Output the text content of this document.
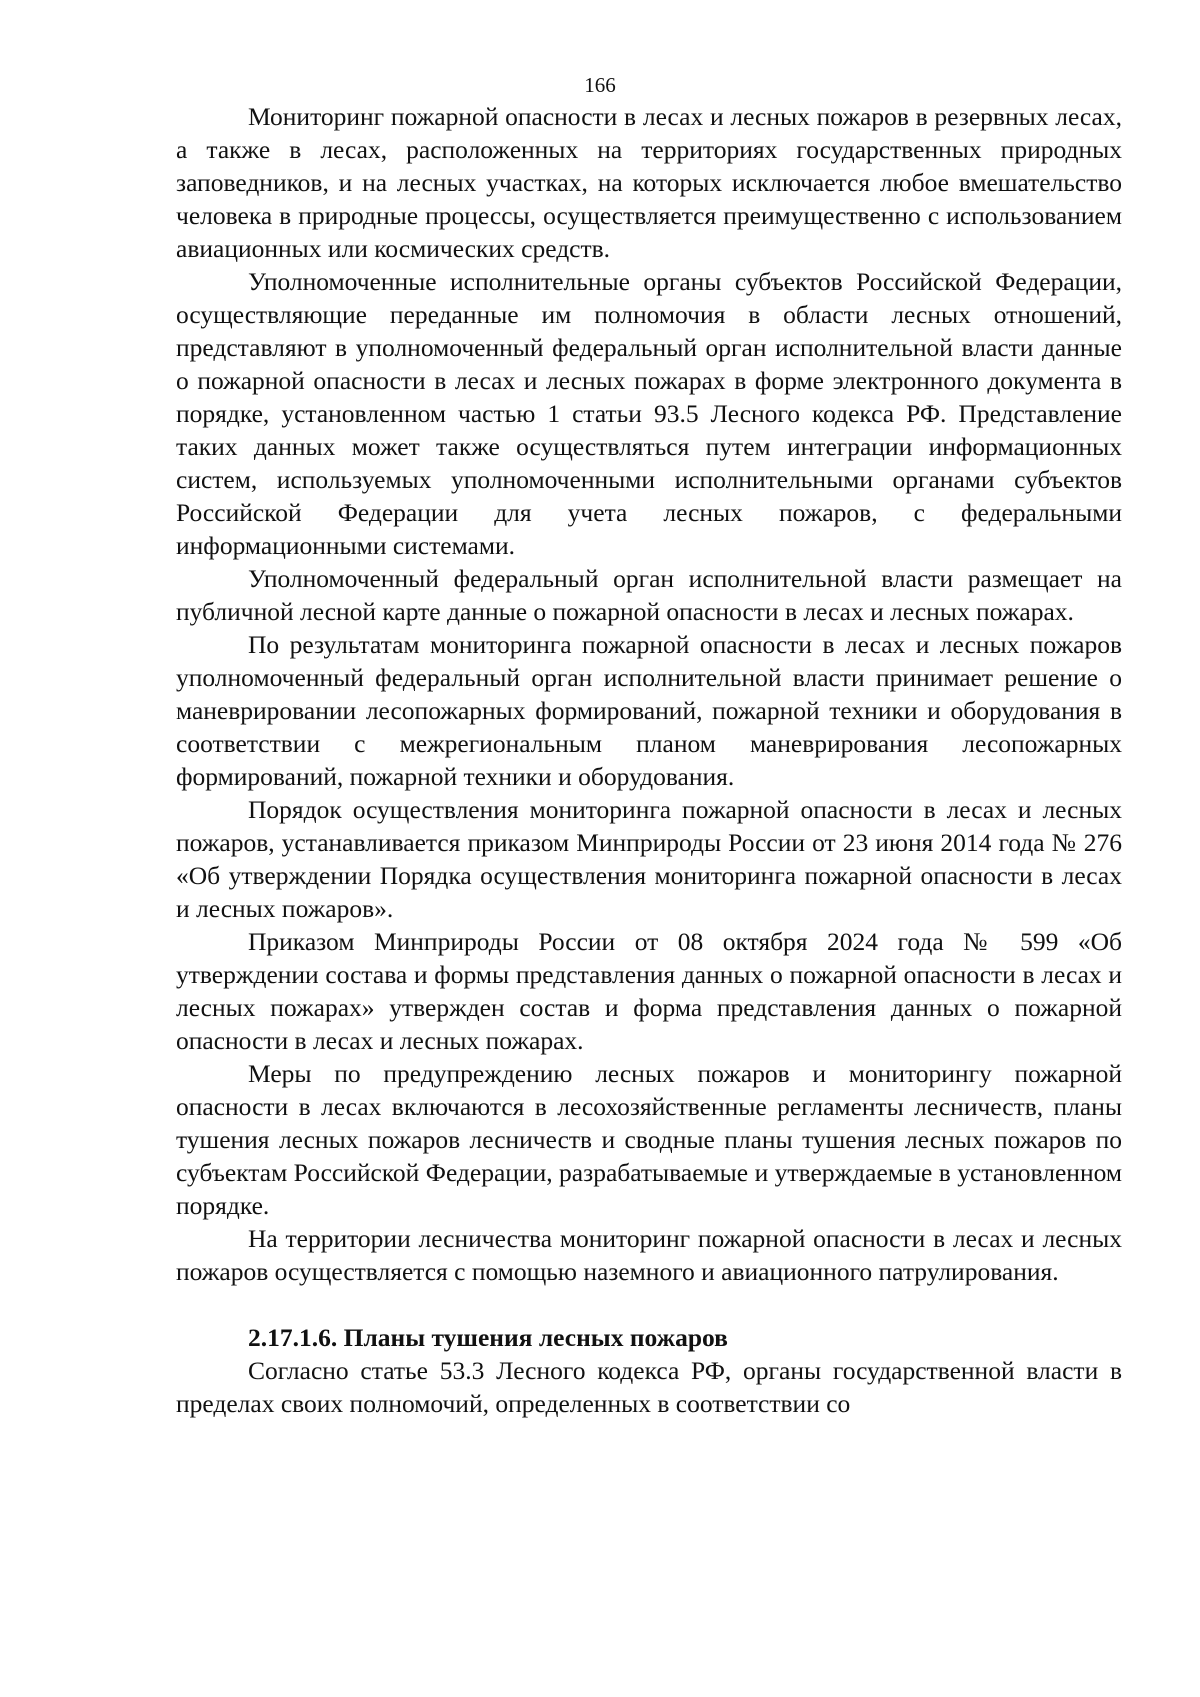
166

Мониторинг пожарной опасности в лесах и лесных пожаров в резервных лесах, а также в лесах, расположенных на территориях государственных природных заповедников, и на лесных участках, на которых исключается любое вмешательство человека в природные процессы, осуществляется преимущественно с использованием авиационных или космических средств.

Уполномоченные исполнительные органы субъектов Российской Федерации, осуществляющие переданные им полномочия в области лесных отношений, представляют в уполномоченный федеральный орган исполнительной власти данные о пожарной опасности в лесах и лесных пожарах в форме электронного документа в порядке, установленном частью 1 статьи 93.5 Лесного кодекса РФ. Представление таких данных может также осуществляться путем интеграции информационных систем, используемых уполномоченными исполнительными органами субъектов Российской Федерации для учета лесных пожаров, с федеральными информационными системами.

Уполномоченный федеральный орган исполнительной власти размещает на публичной лесной карте данные о пожарной опасности в лесах и лесных пожарах.

По результатам мониторинга пожарной опасности в лесах и лесных пожаров уполномоченный федеральный орган исполнительной власти принимает решение о маневрировании лесопожарных формирований, пожарной техники и оборудования в соответствии с межрегиональным планом маневрирования лесопожарных формирований, пожарной техники и оборудования.

Порядок осуществления мониторинга пожарной опасности в лесах и лесных пожаров, устанавливается приказом Минприроды России от 23 июня 2014 года № 276 «Об утверждении Порядка осуществления мониторинга пожарной опасности в лесах и лесных пожаров».

Приказом Минприроды России от 08 октября 2024 года № 599 «Об утверждении состава и формы представления данных о пожарной опасности в лесах и лесных пожарах» утвержден состав и форма представления данных о пожарной опасности в лесах и лесных пожарах.

Меры по предупреждению лесных пожаров и мониторингу пожарной опасности в лесах включаются в лесохозяйственные регламенты лесничеств, планы тушения лесных пожаров лесничеств и сводные планы тушения лесных пожаров по субъектам Российской Федерации, разрабатываемые и утверждаемые в установленном порядке.

На территории лесничества мониторинг пожарной опасности в лесах и лесных пожаров осуществляется с помощью наземного и авиационного патрулирования.

2.17.1.6. Планы тушения лесных пожаров

Согласно статье 53.3 Лесного кодекса РФ, органы государственной власти в пределах своих полномочий, определенных в соответствии со
